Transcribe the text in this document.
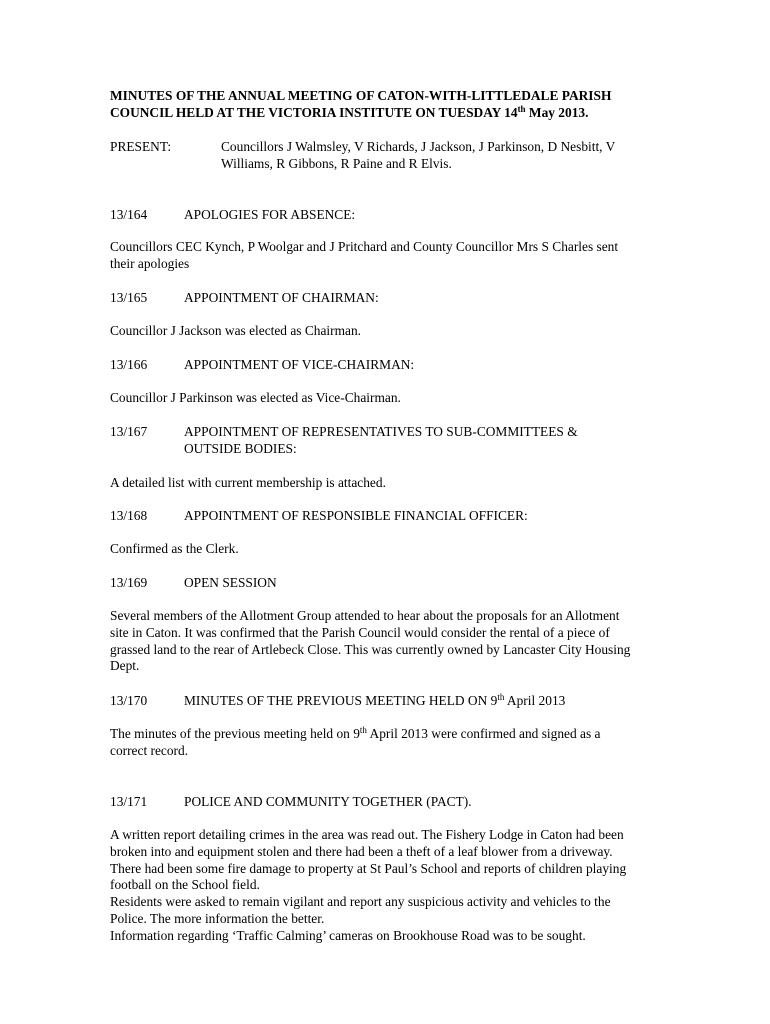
MINUTES OF THE ANNUAL MEETING OF CATON-WITH-LITTLEDALE PARISH
COUNCIL HELD AT THE VICTORIA INSTITUTE ON TUESDAY 14th May 2013.
PRESENT:	Councillors J Walmsley, V Richards, J Jackson, J Parkinson, D Nesbitt, V
Williams, R Gibbons, R Paine and R Elvis.
13/164	APOLOGIES FOR ABSENCE:
Councillors CEC Kynch, P Woolgar and J Pritchard and County Councillor Mrs S Charles sent
their apologies
13/165	APPOINTMENT OF CHAIRMAN:
Councillor J Jackson was elected as Chairman.
13/166	APPOINTMENT OF VICE-CHAIRMAN:
Councillor J Parkinson was elected as Vice-Chairman.
13/167	APPOINTMENT OF REPRESENTATIVES TO SUB-COMMITTEES &
OUTSIDE BODIES:
A detailed list with current membership is attached.
13/168	APPOINTMENT OF RESPONSIBLE FINANCIAL OFFICER:
Confirmed as the Clerk.
13/169	OPEN SESSION
Several members of the Allotment Group attended to hear about the proposals for an Allotment
site in Caton. It was confirmed that the Parish Council would consider the rental of a piece of
grassed land to the rear of Artlebeck Close. This was currently owned by Lancaster City Housing
Dept.
13/170	MINUTES OF THE PREVIOUS MEETING HELD ON 9th April 2013
The minutes of the previous meeting held on 9th April 2013 were confirmed and signed as a
correct record.
13/171	POLICE AND COMMUNITY TOGETHER (PACT).
A written report detailing crimes in the area was read out. The Fishery Lodge in Caton had been
broken into and equipment stolen and there had been a theft of a leaf blower from a driveway.
There had been some fire damage to property at St Paul’s School and reports of children playing
football on the School field.
Residents were asked to remain vigilant and report any suspicious activity and vehicles to the
Police. The more information the better.
Information regarding ‘Traffic Calming’ cameras on Brookhouse Road was to be sought.
